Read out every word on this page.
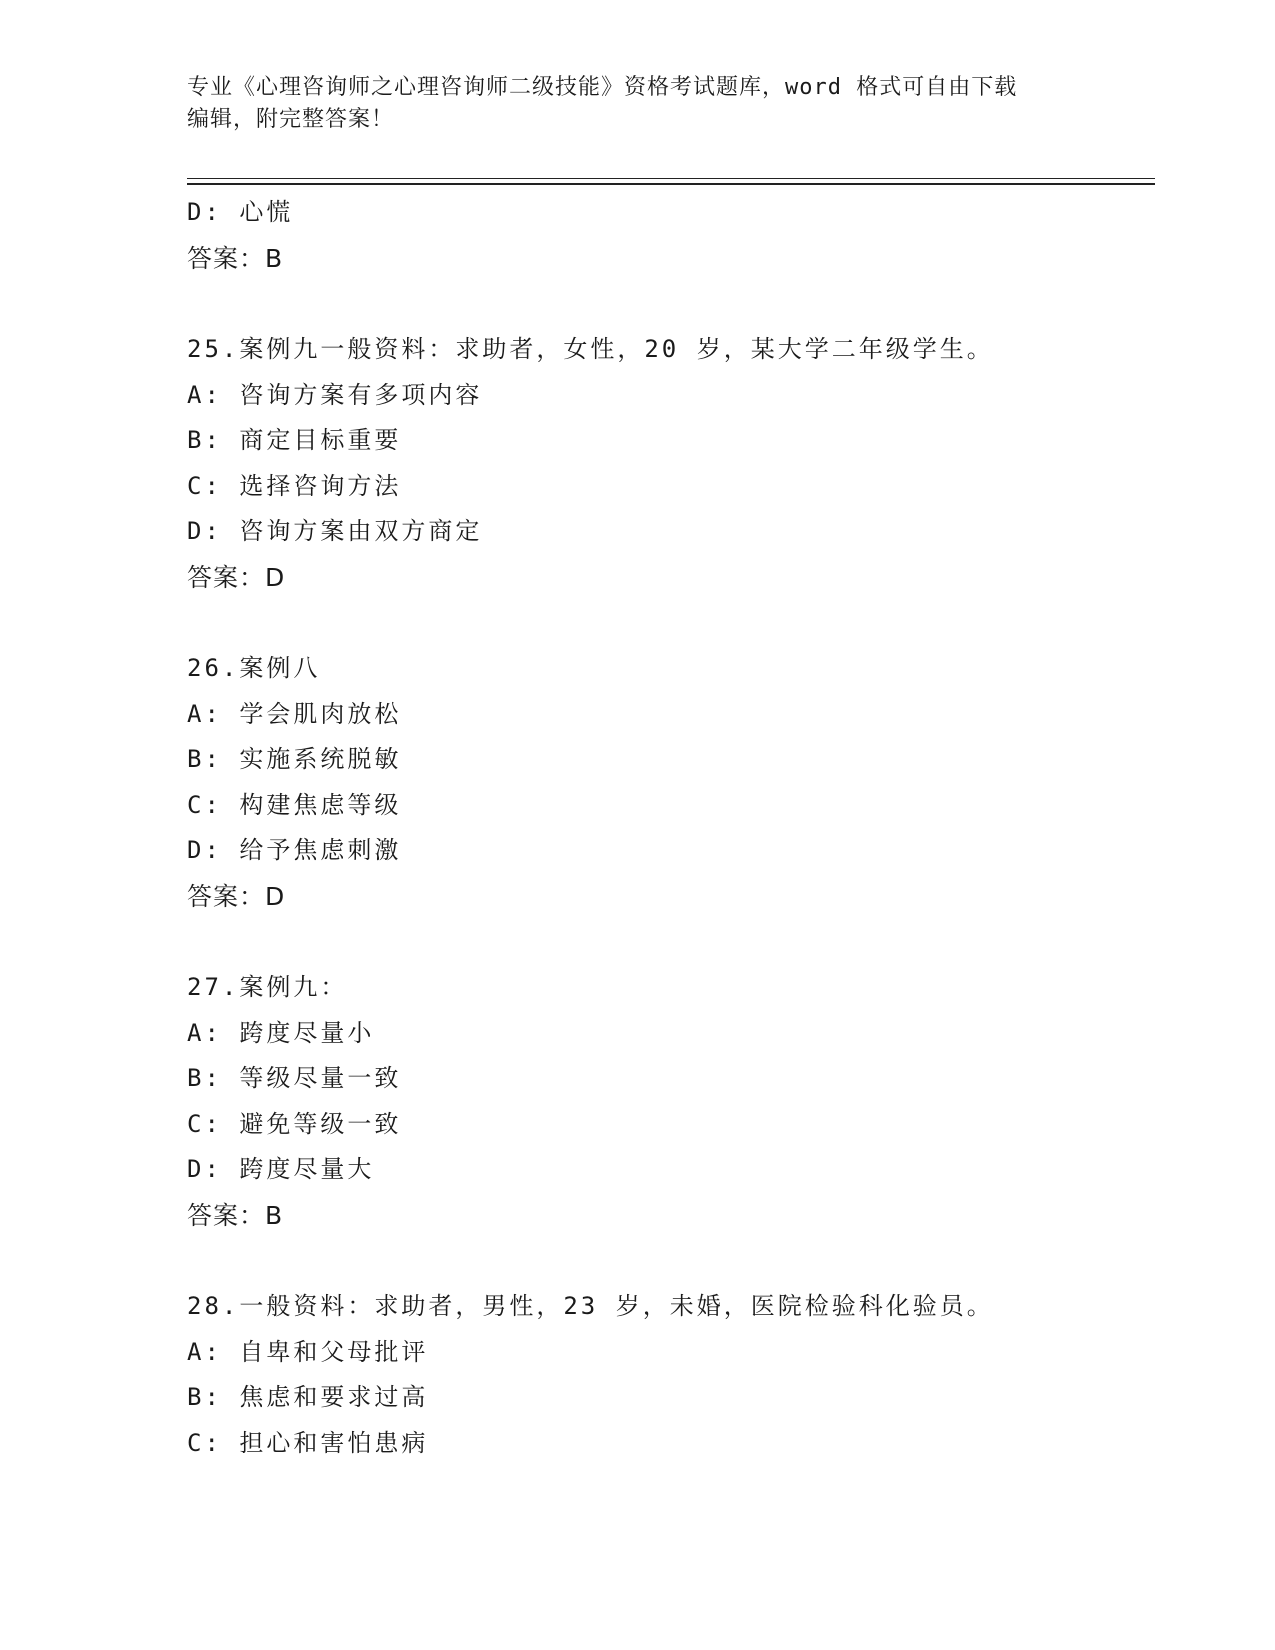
专业《心理咨询师之心理咨询师二级技能》资格考试题库，word 格式可自由下载
编辑，附完整答案！
D: 心慌
答案：B
25.案例九一般资料：求助者，女性，20 岁，某大学二年级学生。
A: 咨询方案有多项内容
B: 商定目标重要
C: 选择咨询方法
D: 咨询方案由双方商定
答案：D
26.案例八
A: 学会肌肉放松
B: 实施系统脱敏
C: 构建焦虑等级
D: 给予焦虑刺激
答案：D
27.案例九：
A: 跨度尽量小
B: 等级尽量一致
C: 避免等级一致
D: 跨度尽量大
答案：B
28.一般资料：求助者，男性，23 岁，未婚，医院检验科化验员。
A: 自卑和父母批评
B: 焦虑和要求过高
C: 担心和害怕患病
